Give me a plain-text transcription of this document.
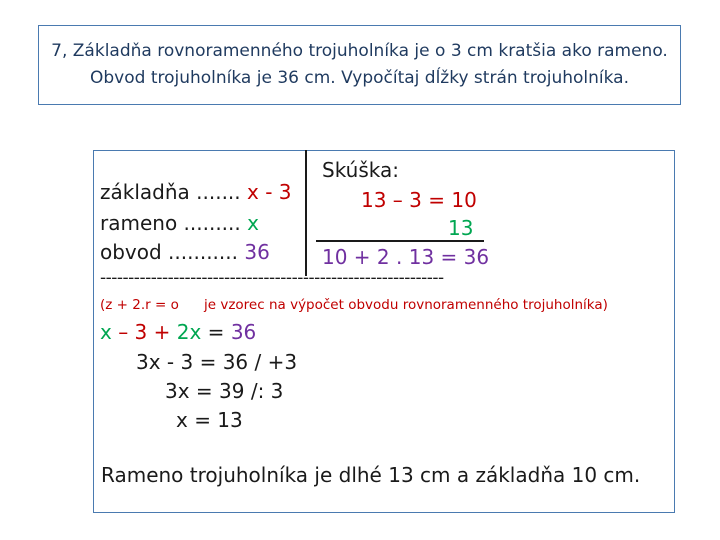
7, Základňa rovnoramenného trojuholníka je o 3 cm kratšia ako rameno.
Obvod trojuholníka je 36 cm. Vypočítaj dĺžky strán trojuholníka.
základňa ....... x - 3
rameno ......... x
obvod ........... 36
Skúška:
13 – 3 = 10
13
10 + 2 . 13 = 36
-------------------------------------------------------------
(z + 2.r = o je vzorec na výpočet obvodu rovnoramenného trojuholníka)
x – 3 + 2x = 36
3x - 3 = 36 / +3
3x = 39 /: 3
x = 13
Rameno trojuholníka je dlhé 13 cm a základňa 10 cm.
